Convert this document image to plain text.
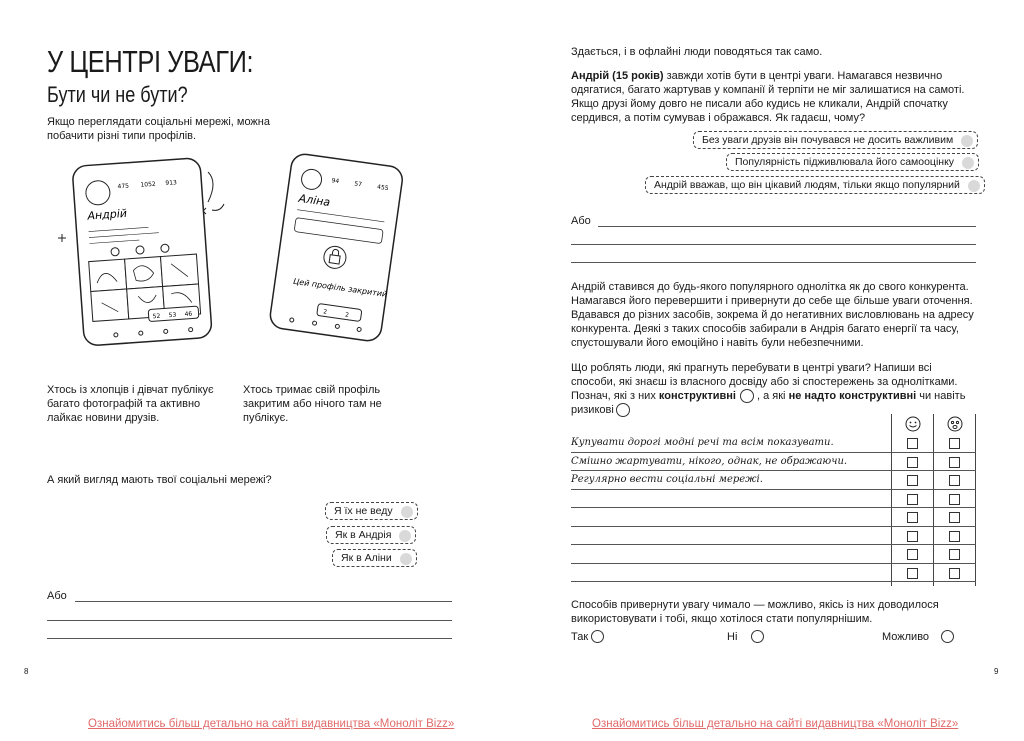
У ЦЕНТРІ УВАГИ:
Бути чи не бути?
Якщо переглядати соціальні мережі, можна побачити різні типи профілів.
475 1052 913
Андрій
52 53 46
94 57 455
Аліна
Цей профіль закритий
2	2
Хтось із хлопців і дівчат публікує багато фотографій та активно лайкає новини друзів.
Хтось тримає свій профіль закритим або нічого там не публікує.
А який вигляд мають твої соціальні мережі?
Я їх не веду
Як в Андрія
Як в Аліни
Або
8
Ознайомитись більш детально на сайті видавництва «Моноліт Bizz»
Здається, і в офлайні люди поводяться так само.
Андрій (15 років) завжди хотів бути в центрі уваги. Намагався незвично одягатися, багато жартував у компанії й терпіти не міг залишатися на самоті. Якщо друзі йому довго не писали або кудись не кликали, Андрій спочатку сердився, а потім сумував і ображався. Як гадаєш, чому?
Без уваги друзів він почувався не досить важливим
Популярність підживлювала його самооцінку
Андрій вважав, що він цікавий людям, тільки якщо популярний
Або
Андрій ставився до будь-якого популярного однолітка як до свого конкурента. Намагався його перевершити і привернути до себе ще більше уваги оточення. Вдавався до різних засобів, зокрема й до негативних висловлювань на адресу конкурента. Деякі з таких способів забирали в Андрія багато енергії та часу, спустошували його емоційно і навіть були небезпечними.
Що роблять люди, які прагнуть перебувати в центрі уваги? Напиши всі способи, які знаєш із власного досвіду або зі спостережень за однолітками. Познач, які з них конструктивні , а які не надто конструктивні чи навіть ризикові
Купувати дорогі модні речі та всім показувати.
Смішно жартувати, нікого, однак, не ображаючи.
Регулярно вести соціальні мережі.
Способів привернути увагу чимало — можливо, якісь із них доводилося використовувати і тобі, якщо хотілося стати популярнішим.
Так	Ні	Можливо
9
Ознайомитись більш детально на сайті видавництва «Моноліт Bizz»
